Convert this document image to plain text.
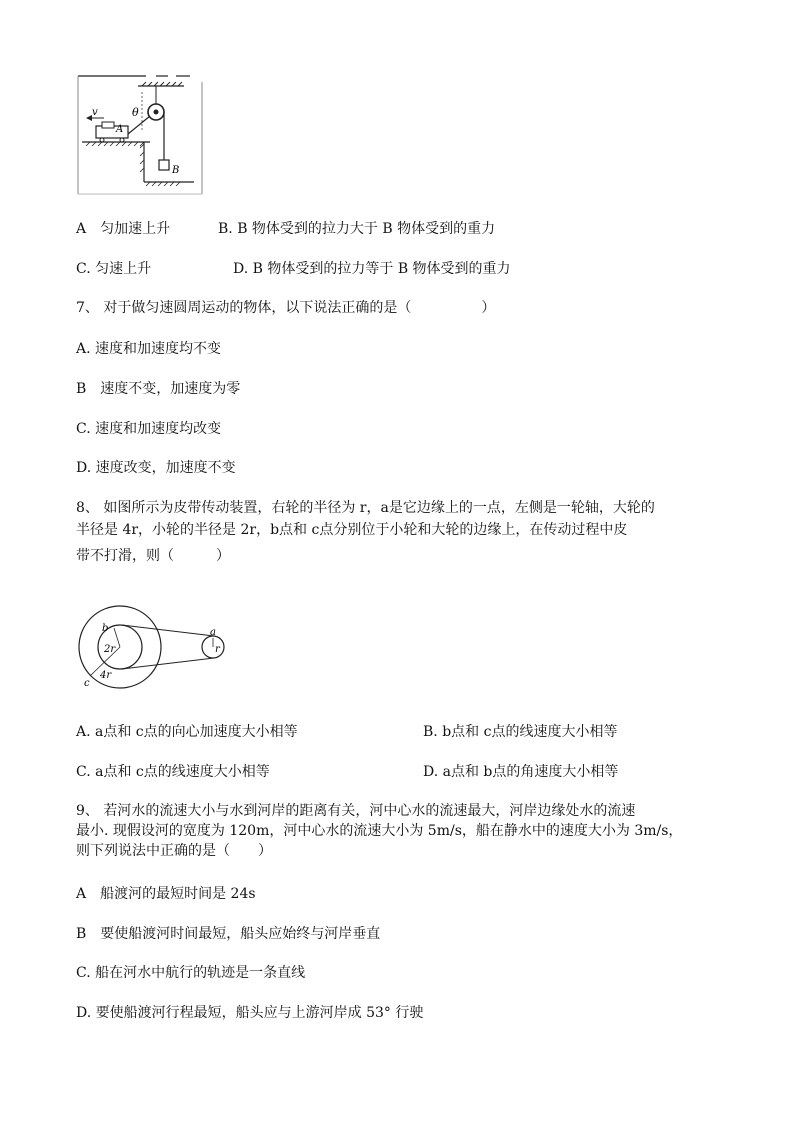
v	θ
A
B
A　匀加速上升	B. B 物体受到的拉力大于 B 物体受到的重力
C. 匀速上升	D. B 物体受到的拉力等于 B 物体受到的重力
7、 对于做匀速圆周运动的物体，以下说法正确的是（　　　　　）
A. 速度和加速度均不变
B　速度不变，加速度为零
C. 速度和加速度均改变
D. 速度改变，加速度不变
8、 如图所示为皮带传动装置，右轮的半径为 r，a是它边缘上的一点，左侧是一轮轴，大轮的
半径是 4r，小轮的半径是 2r，b点和 c点分别位于小轮和大轮的边缘上，在传动过程中皮
带不打滑，则（　　　）
b
2r
4r
c
a
r
A. a点和 c点的向心加速度大小相等	B. b点和 c点的线速度大小相等
C. a点和 c点的线速度大小相等	D. a点和 b点的角速度大小相等
9、 若河水的流速大小与水到河岸的距离有关，河中心水的流速最大，河岸边缘处水的流速
最小. 现假设河的宽度为 120m，河中心水的流速大小为 5m/s，船在静水中的速度大小为 3m/s，
则下列说法中正确的是（　　）
A　船渡河的最短时间是 24s
B　要使船渡河时间最短，船头应始终与河岸垂直
C. 船在河水中航行的轨迹是一条直线
D. 要使船渡河行程最短，船头应与上游河岸成 53° 行驶
